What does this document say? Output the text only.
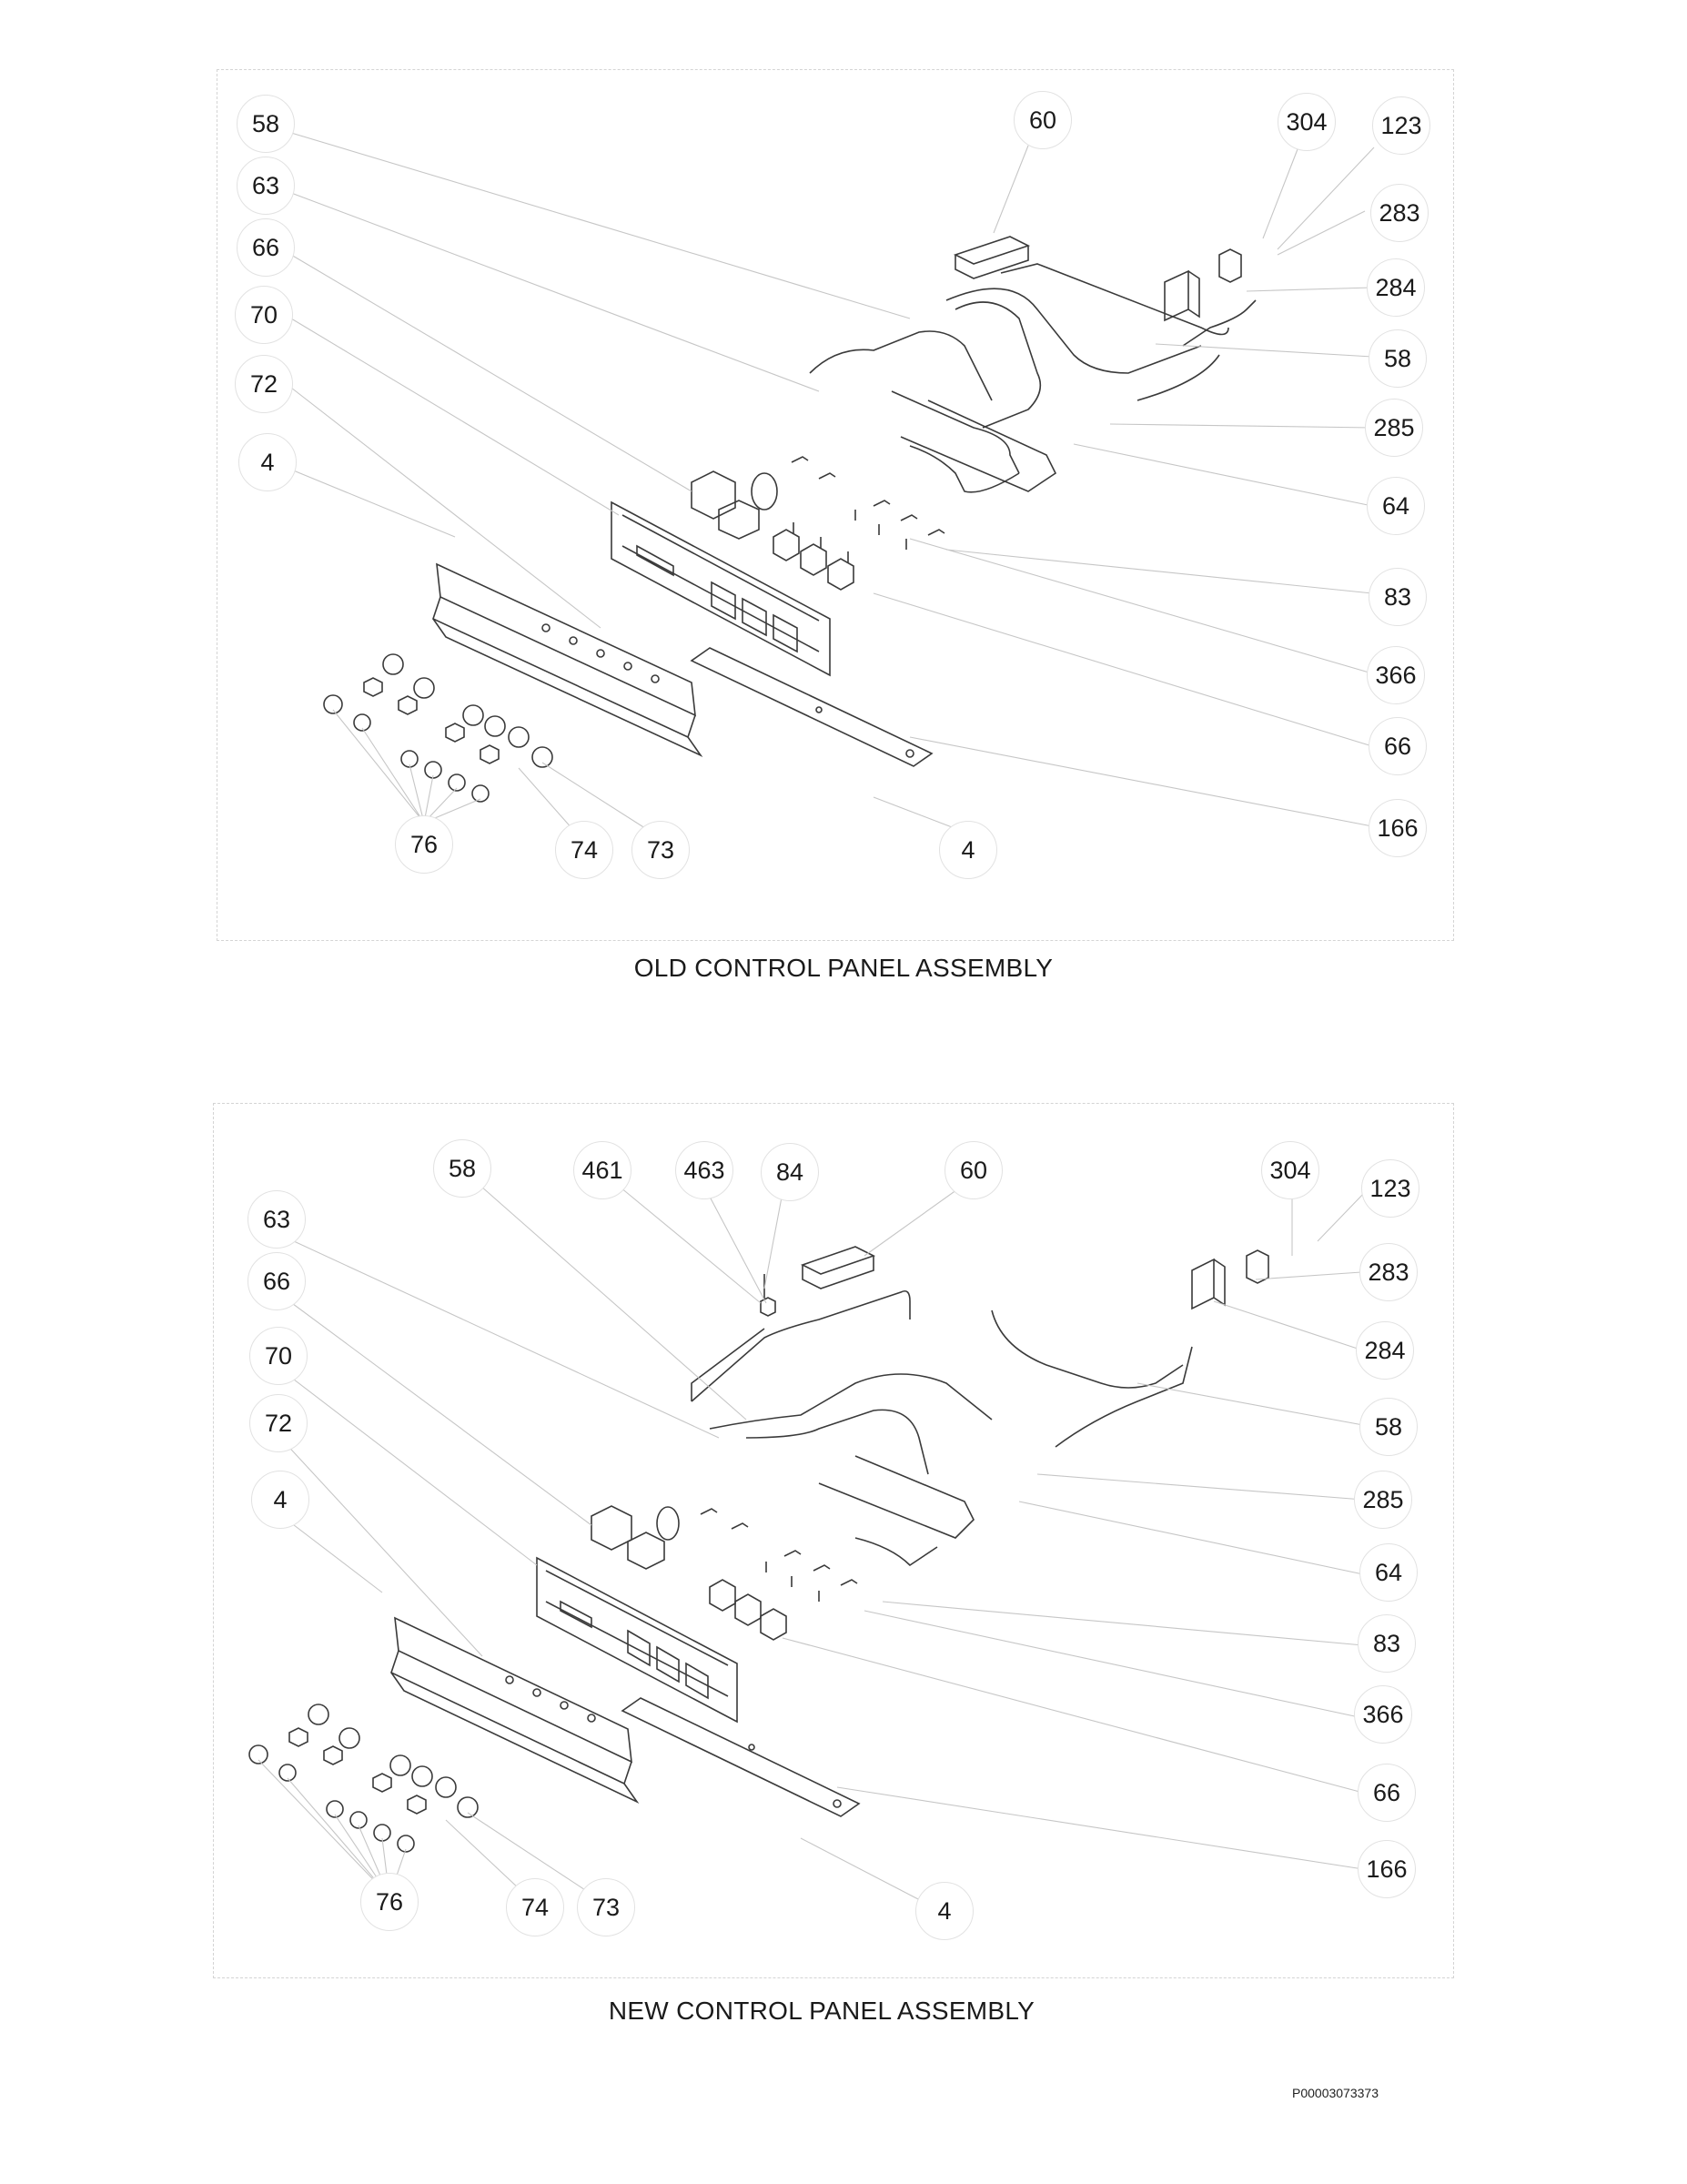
58
63
66
70
72
4
60	304	123
283
284
58
285
64
83
366
66
166
76	74	73	4
OLD CONTROL PANEL ASSEMBLY
58	461	463	84	60	304
123
63
66
70
72
4
283
284
58
285
64
83
366
66
166
76	74	73	4
NEW CONTROL PANEL ASSEMBLY
P00003073373
